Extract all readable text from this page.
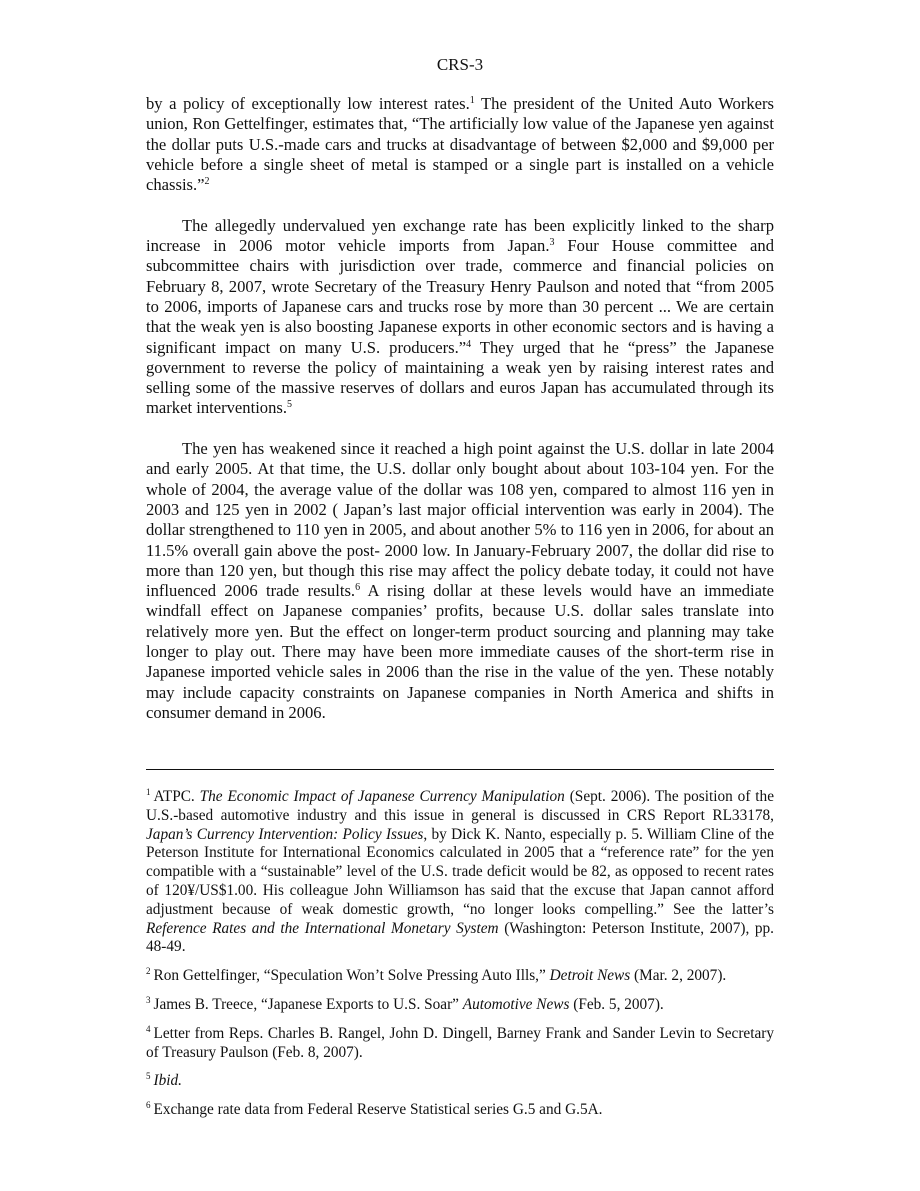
CRS-3

by a policy of exceptionally low interest rates.$^1$ The president of the United Auto Workers union, Ron Gettelfinger, estimates that, “The artificially low value of the Japanese yen against the dollar puts U.S.-made cars and trucks at disadvantage of between $2,000 and $9,000 per vehicle before a single sheet of metal is stamped or a single part is installed on a vehicle chassis.”$^2$

The allegedly undervalued yen exchange rate has been explicitly linked to the sharp increase in 2006 motor vehicle imports from Japan.$^3$ Four House committee and subcommittee chairs with jurisdiction over trade, commerce and financial policies on February 8, 2007, wrote Secretary of the Treasury Henry Paulson and noted that “from 2005 to 2006, imports of Japanese cars and trucks rose by more than 30 percent ... We are certain that the weak yen is also boosting Japanese exports in other economic sectors and is having a significant impact on many U.S. producers.”$^4$ They urged that he “press” the Japanese government to reverse the policy of maintaining a weak yen by raising interest rates and selling some of the massive reserves of dollars and euros Japan has accumulated through its market interventions.$^5$

The yen has weakened since it reached a high point against the U.S. dollar in late 2004 and early 2005. At that time, the U.S. dollar only bought about about 103-104 yen. For the whole of 2004, the average value of the dollar was 108 yen, compared to almost 116 yen in 2003 and 125 yen in 2002 ( Japan’s last major official intervention was early in 2004). The dollar strengthened to 110 yen in 2005, and about another 5% to 116 yen in 2006, for about an 11.5% overall gain above the post- 2000 low. In January-February 2007, the dollar did rise to more than 120 yen, but though this rise may affect the policy debate today, it could not have influenced 2006 trade results.$^6$ A rising dollar at these levels would have an immediate windfall effect on Japanese companies’ profits, because U.S. dollar sales translate into relatively more yen. But the effect on longer-term product sourcing and planning may take longer to play out. There may have been more immediate causes of the short-term rise in Japanese imported vehicle sales in 2006 than the rise in the value of the yen. These notably may include capacity constraints on Japanese companies in North America and shifts in consumer demand in 2006.

$^1$ ATPC. The Economic Impact of Japanese Currency Manipulation (Sept. 2006). The position of the U.S.-based automotive industry and this issue in general is discussed in CRS Report RL33178, Japan’s Currency Intervention: Policy Issues, by Dick K. Nanto, especially p. 5. William Cline of the Peterson Institute for International Economics calculated in 2005 that a “reference rate” for the yen compatible with a “sustainable” level of the U.S. trade deficit would be 82, as opposed to recent rates of 120¥/US$1.00. His colleague John Williamson has said that the excuse that Japan cannot afford adjustment because of weak domestic growth, “no longer looks compelling.” See the latter’s Reference Rates and the International Monetary System (Washington: Peterson Institute, 2007), pp. 48-49.

$^2$ Ron Gettelfinger, “Speculation Won’t Solve Pressing Auto Ills,” Detroit News (Mar. 2, 2007).

$^3$ James B. Treece, “Japanese Exports to U.S. Soar” Automotive News (Feb. 5, 2007).

$^4$ Letter from Reps. Charles B. Rangel, John D. Dingell, Barney Frank and Sander Levin to Secretary of Treasury Paulson (Feb. 8, 2007).

$^5$ Ibid.

$^6$ Exchange rate data from Federal Reserve Statistical series G.5 and G.5A.
